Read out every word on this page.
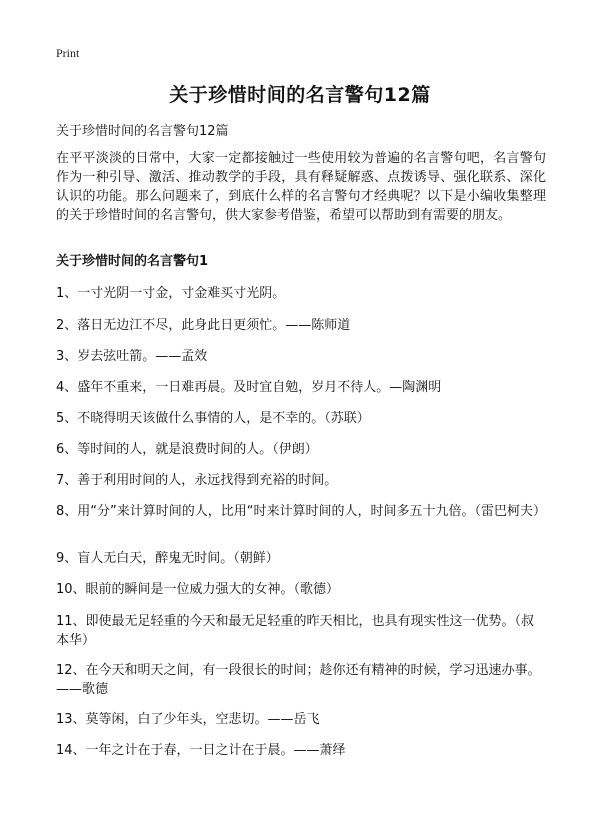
Print
关于珍惜时间的名言警句12篇
关于珍惜时间的名言警句12篇
在平平淡淡的日常中，大家一定都接触过一些使用较为普遍的名言警句吧，名言警句作为一种引导、激活、推动教学的手段，具有释疑解惑、点拨诱导、强化联系、深化认识的功能。那么问题来了，到底什么样的名言警句才经典呢？以下是小编收集整理的关于珍惜时间的名言警句，供大家参考借鉴，希望可以帮助到有需要的朋友。
关于珍惜时间的名言警句1
1、一寸光阴一寸金，寸金难买寸光阴。
2、落日无边江不尽，此身此日更须忙。——陈师道
3、岁去弦吐箭。——孟效
4、盛年不重来，一日难再晨。及时宜自勉，岁月不待人。—陶渊明
5、不晓得明天该做什么事情的人，是不幸的。（苏联）
6、等时间的人，就是浪费时间的人。（伊朗）
7、善于利用时间的人，永远找得到充裕的时间。
8、用“分”来计算时间的人，比用“时来计算时间的人，时间多五十九倍。（雷巴柯夫）
9、盲人无白天，醉鬼无时间。（朝鲜）
10、眼前的瞬间是一位威力强大的女神。（歌德）
11、即使最无足轻重的今天和最无足轻重的昨天相比，也具有现实性这一优势。（叔本华）
12、在今天和明天之间，有一段很长的时间；趁你还有精神的时候，学习迅速办事。——歌德
13、莫等闲，白了少年头，空悲切。——岳飞
14、一年之计在于春，一日之计在于晨。——萧绎
